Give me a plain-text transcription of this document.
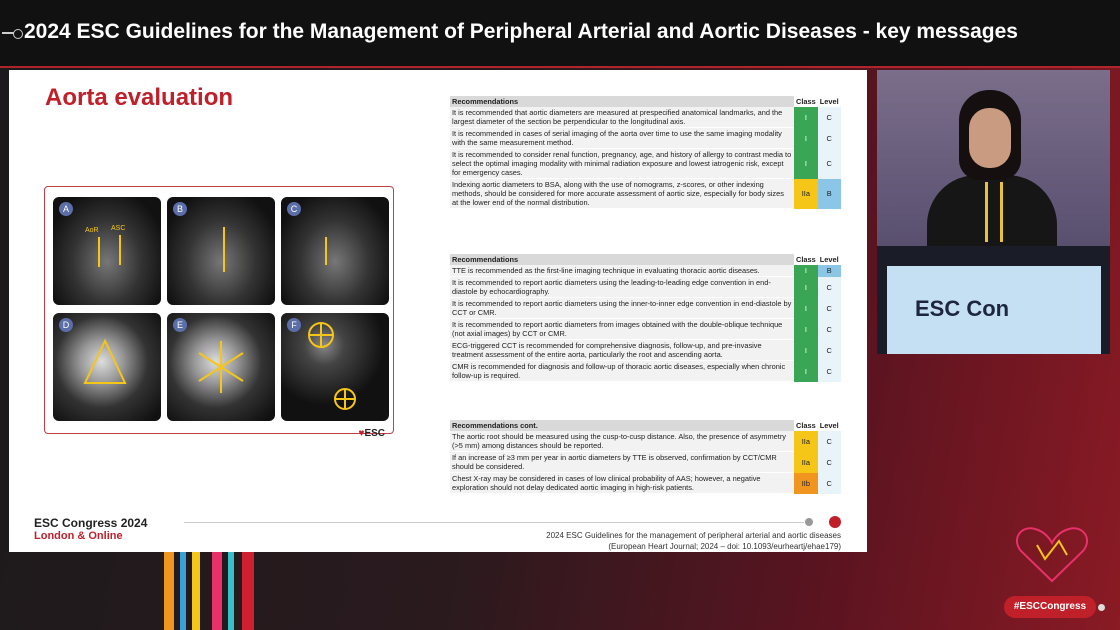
2024 ESC Guidelines for the Management of Peripheral Arterial and Aortic Diseases - key messages
Aorta evaluation
A
AoR ASC
B	C
D	E	F
♥ESC
Recommendations	Class	Level
It is recommended that aortic diameters are measured at prespecified anatomical landmarks, and the largest diameter of the section be perpendicular to the longitudinal axis.	I	C
It is recommended in cases of serial imaging of the aorta over time to use the same imaging modality with the same measurement method.	I	C
It is recommended to consider renal function, pregnancy, age, and history of allergy to contrast media to select the optimal imaging modality with minimal radiation exposure and lowest iatrogenic risk, except for emergency cases.	I	C
Indexing aortic diameters to BSA, along with the use of nomograms, z-scores, or other indexing methods, should be considered for more accurate assessment of aortic size, especially for body sizes at the lower end of the normal distribution.	IIa	B
Recommendations	Class	Level
TTE is recommended as the first-line imaging technique in evaluating thoracic aortic diseases.	I	B
It is recommended to report aortic diameters using the leading-to-leading edge convention in end-diastole by echocardiography.	I	C
It is recommended to report aortic diameters using the inner-to-inner edge convention in end-diastole by CCT or CMR.	I	C
It is recommended to report aortic diameters from images obtained with the double-oblique technique (not axial images) by CCT or CMR.	I	C
ECG-triggered CCT is recommended for comprehensive diagnosis, follow-up, and pre-invasive treatment assessment of the entire aorta, particularly the root and ascending aorta.	I	C
CMR is recommended for diagnosis and follow-up of thoracic aortic diseases, especially when chronic follow-up is required.	I	C
Recommendations cont.	Class	Level
The aortic root should be measured using the cusp-to-cusp distance. Also, the presence of asymmetry (>5 mm) among distances should be reported.	IIa	C
If an increase of ≥3 mm per year in aortic diameters by TTE is observed, confirmation by CCT/CMR should be considered.	IIa	C
Chest X-ray may be considered in cases of low clinical probability of AAS; however, a negative exploration should not delay dedicated aortic imaging in high-risk patients.	IIb	C
ESC Congress 2024
London & Online	2024 ESC Guidelines for the management of peripheral arterial and aortic diseases
(European Heart Journal; 2024 – doi: 10.1093/eurheartj/ehae179)
ESC Con
#ESCCongress
